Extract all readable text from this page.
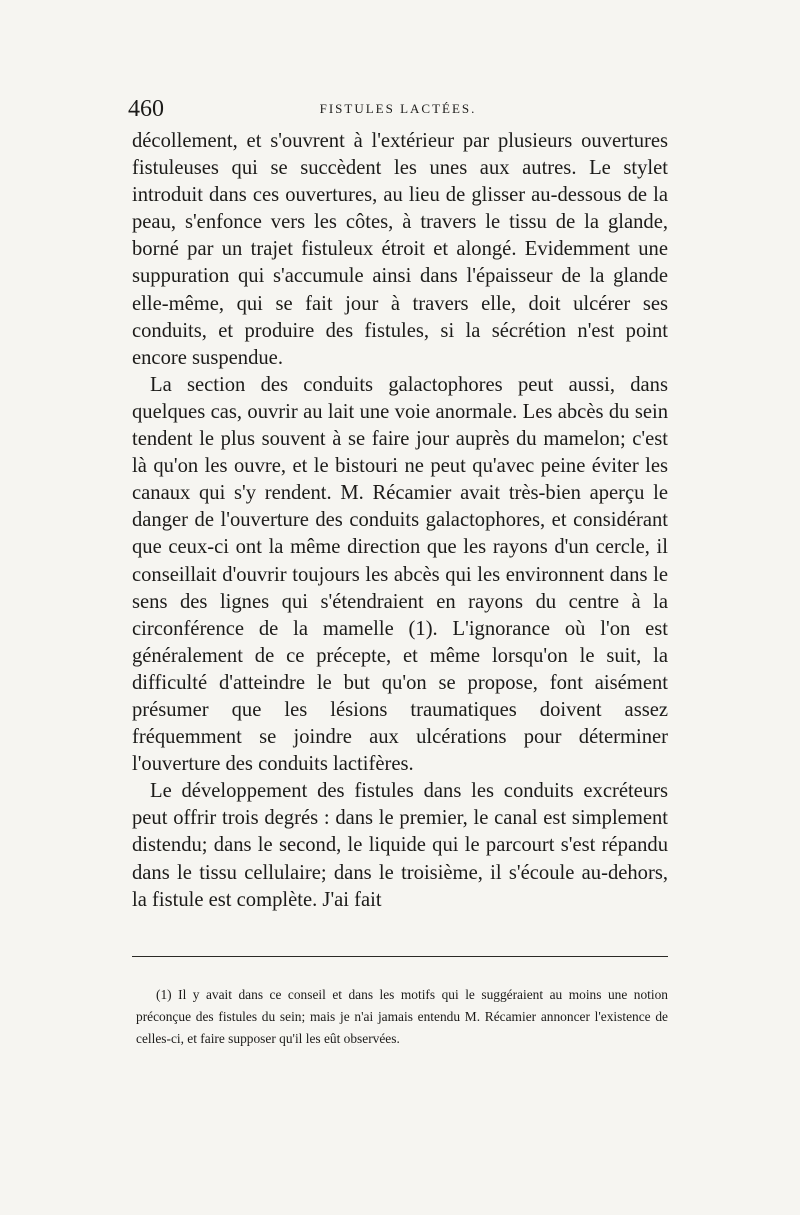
460	FISTULES LACTÉES.

décollement, et s'ouvrent à l'extérieur par plusieurs ouvertures fistuleuses qui se succèdent les unes aux autres. Le stylet introduit dans ces ouvertures, au lieu de glisser au-dessous de la peau, s'enfonce vers les côtes, à travers le tissu de la glande, borné par un trajet fistuleux étroit et alongé. Evidemment une suppuration qui s'accumule ainsi dans l'épaisseur de la glande elle-même, qui se fait jour à travers elle, doit ulcérer ses conduits, et produire des fistules, si la sécrétion n'est point encore suspendue.

La section des conduits galactophores peut aussi, dans quelques cas, ouvrir au lait une voie anormale. Les abcès du sein tendent le plus souvent à se faire jour auprès du mamelon; c'est là qu'on les ouvre, et le bistouri ne peut qu'avec peine éviter les canaux qui s'y rendent. M. Récamier avait très-bien aperçu le danger de l'ouverture des conduits galactophores, et considérant que ceux-ci ont la même direction que les rayons d'un cercle, il conseillait d'ouvrir toujours les abcès qui les environnent dans le sens des lignes qui s'étendraient en rayons du centre à la circonférence de la mamelle (1). L'ignorance où l'on est généralement de ce précepte, et même lorsqu'on le suit, la difficulté d'atteindre le but qu'on se propose, font aisément présumer que les lésions traumatiques doivent assez fréquemment se joindre aux ulcérations pour déterminer l'ouverture des conduits lactifères.

Le développement des fistules dans les conduits excréteurs peut offrir trois degrés : dans le premier, le canal est simplement distendu; dans le second, le liquide qui le parcourt s'est répandu dans le tissu cellulaire; dans le troisième, il s'écoule au-dehors, la fistule est complète. J'ai fait

(1) Il y avait dans ce conseil et dans les motifs qui le suggéraient au moins une notion préconçue des fistules du sein; mais je n'ai jamais entendu M. Récamier annoncer l'existence de celles-ci, et faire supposer qu'il les eût observées.
